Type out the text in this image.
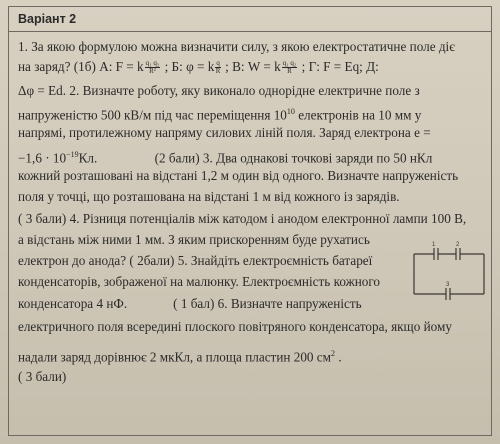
Варіант 2
1. За якою формулою можна визначити силу, з якою електростатичне поле діє
на заряд? (1б) А: F = k $\frac{\text{q₁ q₂}}{\text{R²}}$ ; Б: φ = k $\frac{q}{R}$ ; В: W = k $\frac{\text{q₁ q₂}}{R}$ ; Г: F = Eq; Д:
Δφ = Ed. 2. Визначте роботу, яку виконало однорідне електричне поле з
напруженістю 500 кВ/м під час переміщення $10^{10}$ електронів на 10 мм у
напрямі, протилежному напряму силових ліній поля. Заряд електрона e =
$-1,6 \cdot 10^{-19}Кл$.	(2 бали) 3. Два однакові точкові заряди по 50 нКл
кожний розташовані на відстані 1,2 м один від одного. Визначте напруженість
поля у точці, що розташована на відстані 1 м від кожного із зарядів.
( 3 бали) 4. Різниця потенціалів між катодом і анодом електронної лампи 100 В,
а відстань між ними 1 мм. З яким прискоренням буде рухатись
електрон до анода? ( 2бали) 5. Знайдіть електроємність батареї
конденсаторів, зображеної на малюнку. Електроємність кожного
конденсатора 4 нФ.	( 1 бал) 6. Визначте напруженість
електричного поля всередині плоского повітряного конденсатора, якщо йому
надали заряд дорівнює 2 мкКл, а площа пластин 200 $см^2$ .
( 3 бали)
1	2
3
